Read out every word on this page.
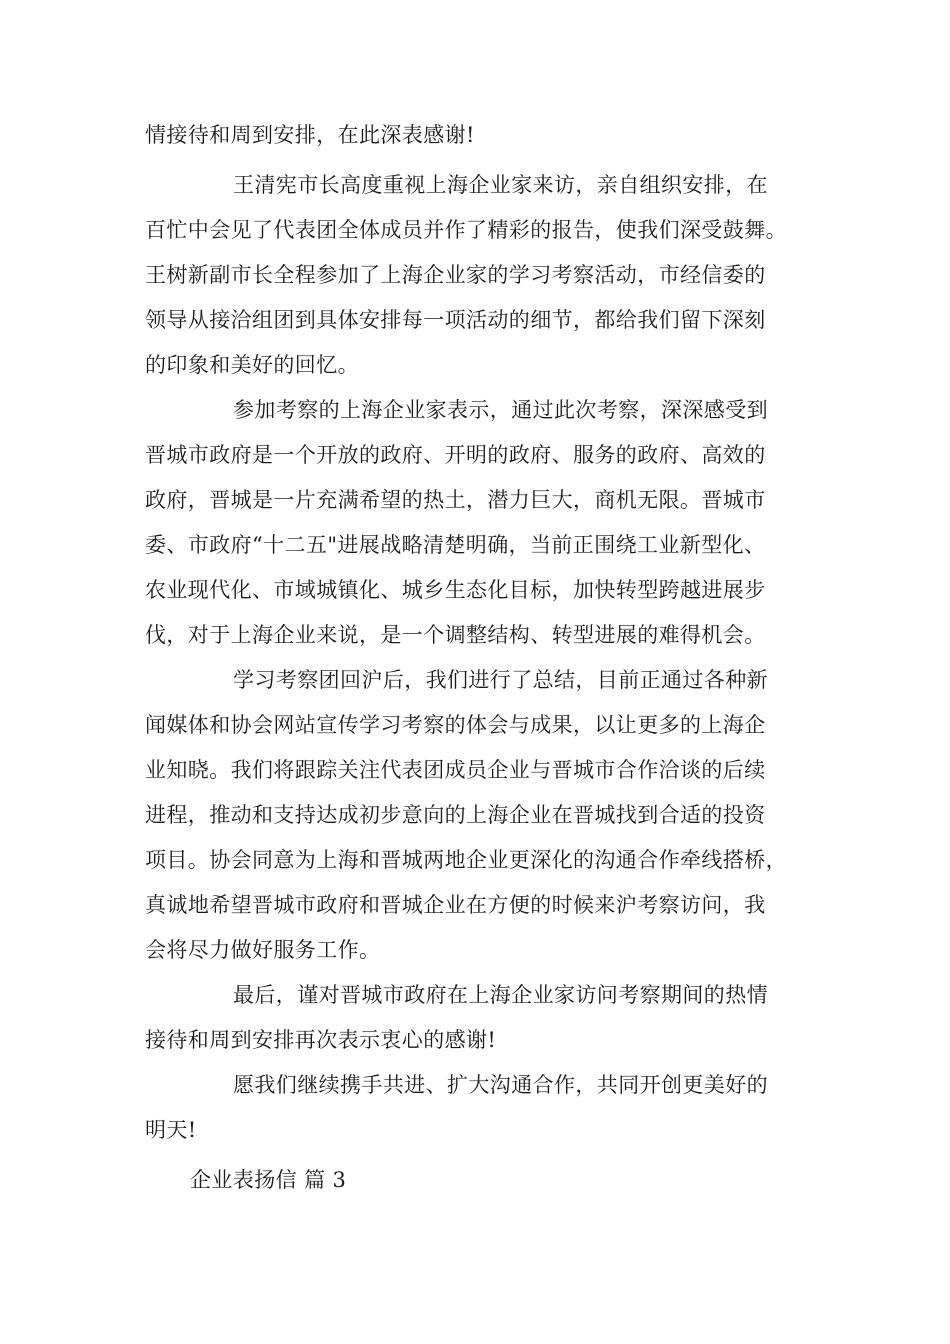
情接待和周到安排，在此深表感谢!
王清宪市长高度重视上海企业家来访，亲自组织安排，在
百忙中会见了代表团全体成员并作了精彩的报告，使我们深受鼓舞。
王树新副市长全程参加了上海企业家的学习考察活动，市经信委的
领导从接洽组团到具体安排每一项活动的细节，都给我们留下深刻
的印象和美好的回忆。
参加考察的上海企业家表示，通过此次考察，深深感受到
晋城市政府是一个开放的政府、开明的政府、服务的政府、高效的
政府，晋城是一片充满希望的热土，潜力巨大，商机无限。晋城市
委、市政府“十二五"进展战略清楚明确，当前正围绕工业新型化、
农业现代化、市域城镇化、城乡生态化目标，加快转型跨越进展步
伐，对于上海企业来说，是一个调整结构、转型进展的难得机会。
学习考察团回沪后，我们进行了总结，目前正通过各种新
闻媒体和协会网站宣传学习考察的体会与成果，以让更多的上海企
业知晓。我们将跟踪关注代表团成员企业与晋城市合作洽谈的后续
进程，推动和支持达成初步意向的上海企业在晋城找到合适的投资
项目。协会同意为上海和晋城两地企业更深化的沟通合作牵线搭桥，
真诚地希望晋城市政府和晋城企业在方便的时候来沪考察访问，我
会将尽力做好服务工作。
最后，谨对晋城市政府在上海企业家访问考察期间的热情
接待和周到安排再次表示衷心的感谢!
愿我们继续携手共进、扩大沟通合作，共同开创更美好的
明天!
企业表扬信 篇 3
